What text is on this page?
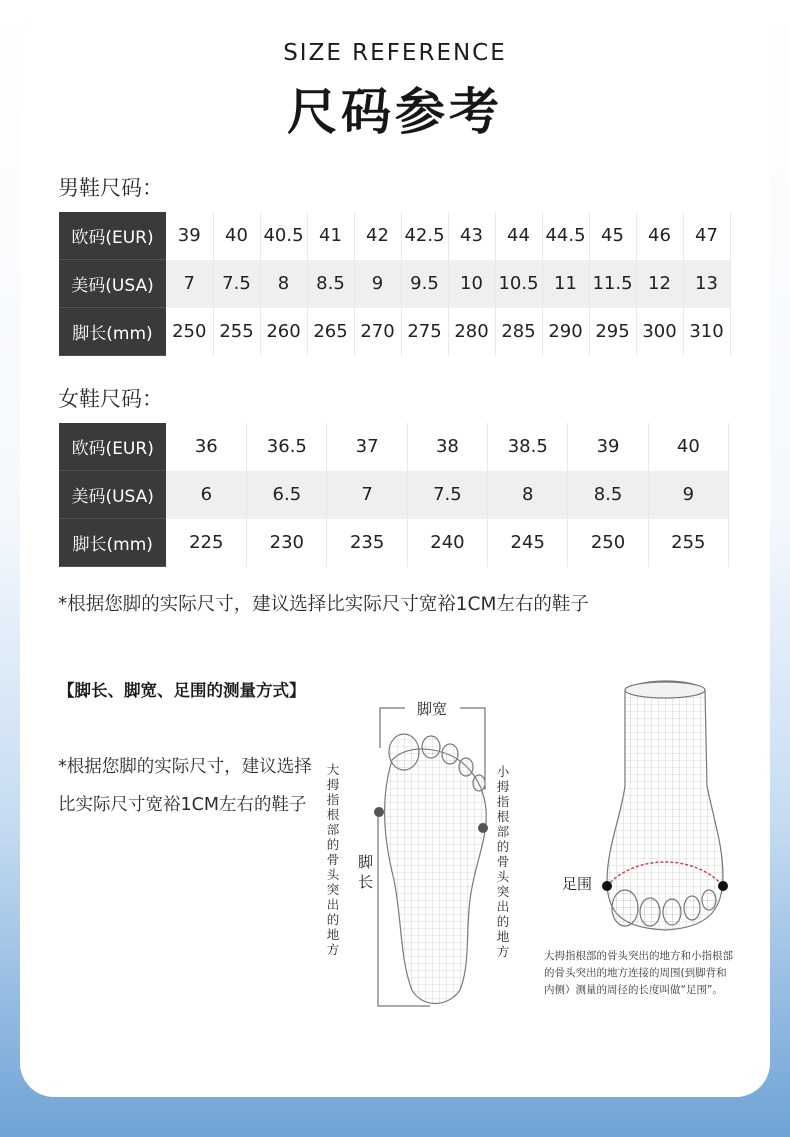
SIZE REFERENCE
尺码参考
男鞋尺码：
欧码(EUR)	39	40	40.5	41	42	42.5	43	44	44.5	45	46	47
美码(USA)	7	7.5	8	8.5	9	9.5	10	10.5	11	11.5	12	13
脚长(mm)	250	255	260	265	270	275	280	285	290	295	300	310
女鞋尺码：
欧码(EUR)	36	36.5	37	38	38.5	39	40
美码(USA)	6	6.5	7	7.5	8	8.5	9
脚长(mm)	225	230	235	240	245	250	255
*根据您脚的实际尺寸，建议选择比实际尺寸宽裕1CM左右的鞋子
【脚长、脚宽、足围的测量方式】
*根据您脚的实际尺寸，建议选择比实际尺寸宽裕1CM左右的鞋子
脚宽
脚长
大拇指根部的骨头突出的地方
小拇指根部的骨头突出的地方
足围
大拇指根部的骨头突出的地方和小指根部的骨头突出的地方连接的周围(到脚背和内侧）测量的周径的长度叫做“足围”。
